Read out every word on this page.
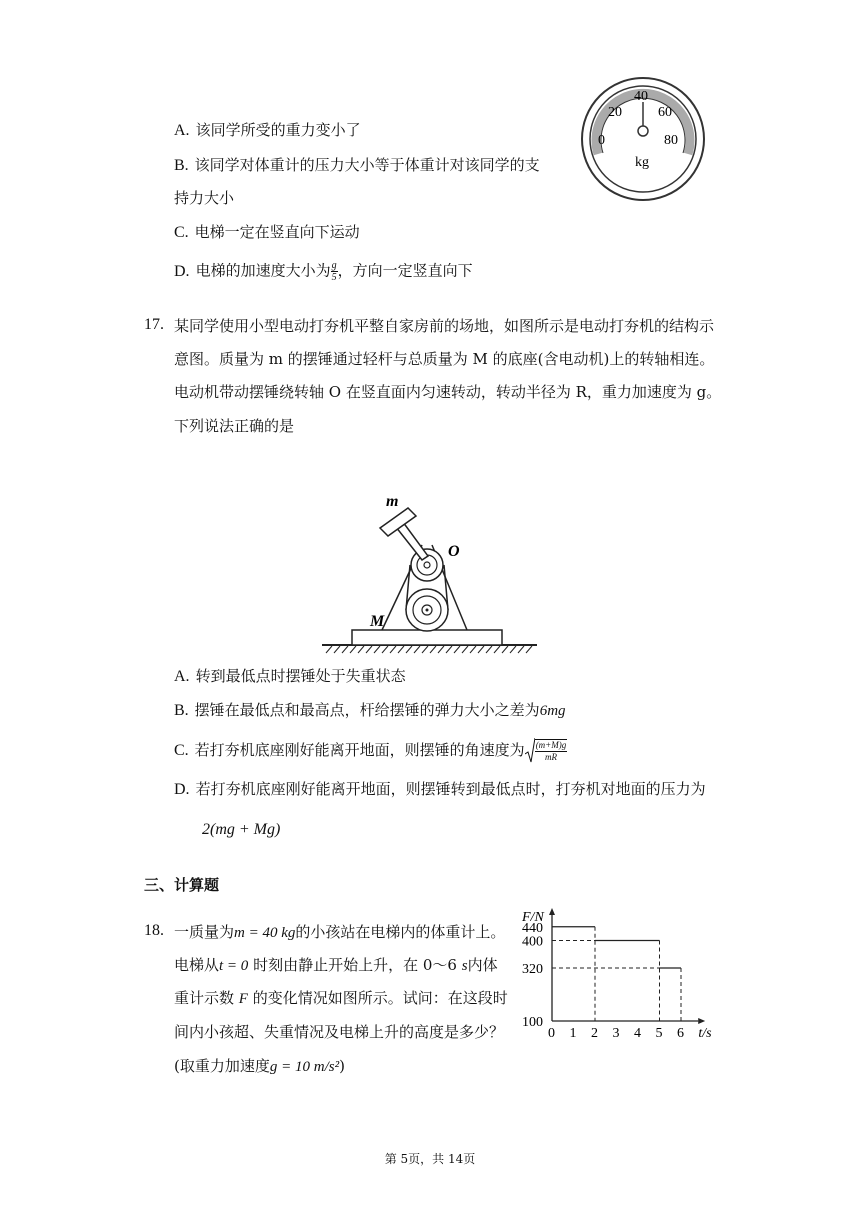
A. 该同学所受的重力变小了
B. 该同学对体重计的压力大小等于体重计对该同学的支
持力大小
C. 电梯一定在竖直向下运动
D. 电梯的加速度大小为 $\frac{g}{5}$ ，方向一定竖直向下
0
20
40
60
80
kg
17. 某同学使用小型电动打夯机平整自家房前的场地，如图所示是电动打夯机的结构示
意图。质量为 m 的摆锤通过轻杆与总质量为 M 的底座(含电动机)上的转轴相连。
电动机带动摆锤绕转轴 O 在竖直面内匀速转动，转动半径为 R，重力加速度为 g。
下列说法正确的是
m
O
M
A. 转到最低点时摆锤处于失重状态
B. 摆锤在最低点和最高点，杆给摆锤的弹力大小之差为6mg
C. 若打夯机底座刚好能离开地面，则摆锤的角速度为 $\frac{(m+M)g}{mR}$
D. 若打夯机底座刚好能离开地面，则摆锤转到最低点时，打夯机对地面的压力为
2(mg + Mg)
三、计算题
18. 一质量为m = 40 kg的小孩站在电梯内的体重计上。
电梯从t = 0 时刻由静止开始上升，在 0～6 s内体
重计示数 F 的变化情况如图所示。试问：在这段时
间内小孩超、失重情况及电梯上升的高度是多少？
(取重力加速度g = 10 m/s²)
0 1 2 3 4 5 6
100
320
400
440
F/N
t/s
第 5页，共 14页
